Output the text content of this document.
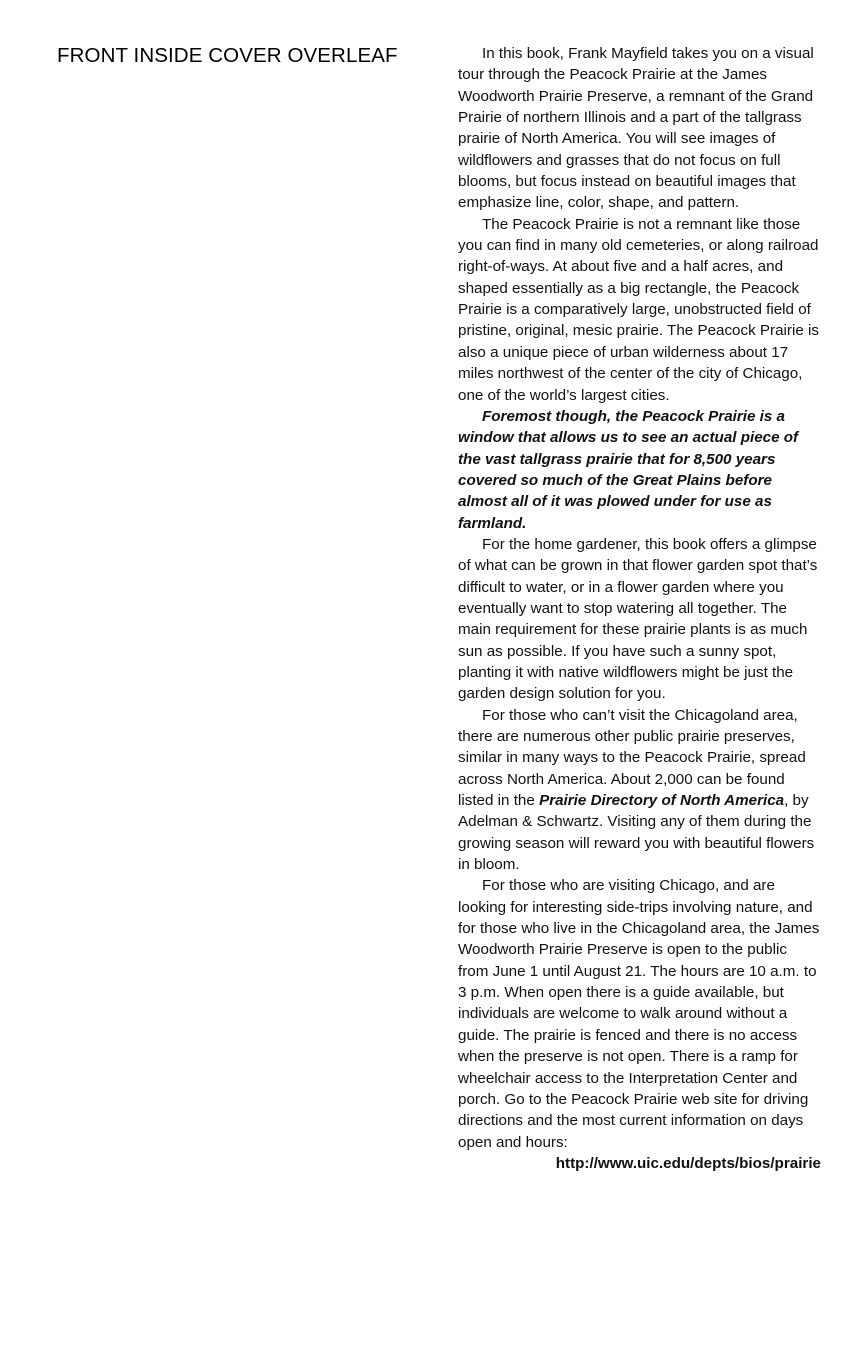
FRONT INSIDE COVER OVERLEAF	In this book, Frank Mayfield takes you on a visual tour through the Peacock Prairie at the James Woodworth Prairie Preserve, a remnant of the Grand Prairie of northern Illinois and a part of the tallgrass prairie of North America. You will see images of wildflowers and grasses that do not focus on full blooms, but focus instead on beautiful images that emphasize line, color, shape, and pattern.

The Peacock Prairie is not a remnant like those you can find in many old cemeteries, or along railroad right-of-ways. At about five and a half acres, and shaped essentially as a big rectangle, the Peacock Prairie is a comparatively large, unobstructed field of pristine, original, mesic prairie. The Peacock Prairie is also a unique piece of urban wilderness about 17 miles northwest of the center of the city of Chicago, one of the world’s largest cities.

Foremost though, the Peacock Prairie is a window that allows us to see an actual piece of the vast tallgrass prairie that for 8,500 years covered so much of the Great Plains before almost all of it was plowed under for use as farmland.

For the home gardener, this book offers a glimpse of what can be grown in that flower garden spot that’s difficult to water, or in a flower garden where you eventually want to stop watering all together. The main requirement for these prairie plants is as much sun as possible. If you have such a sunny spot, planting it with native wildflowers might be just the garden design solution for you.

For those who can’t visit the Chicagoland area, there are numerous other public prairie preserves, similar in many ways to the Peacock Prairie, spread across North America. About 2,000 can be found listed in the Prairie Directory of North America, by Adelman & Schwartz. Visiting any of them during the growing season will reward you with beautiful flowers in bloom.

For those who are visiting Chicago, and are looking for interesting side-trips involving nature, and for those who live in the Chicagoland area, the James Woodworth Prairie Preserve is open to the public from June 1 until August 21. The hours are 10 a.m. to 3 p.m. When open there is a guide available, but individuals are welcome to walk around without a guide. The prairie is fenced and there is no access when the preserve is not open. There is a ramp for wheelchair access to the Interpretation Center and porch. Go to the Peacock Prairie web site for driving directions and the most current information on days open and hours:

http://www.uic.edu/depts/bios/prairie
